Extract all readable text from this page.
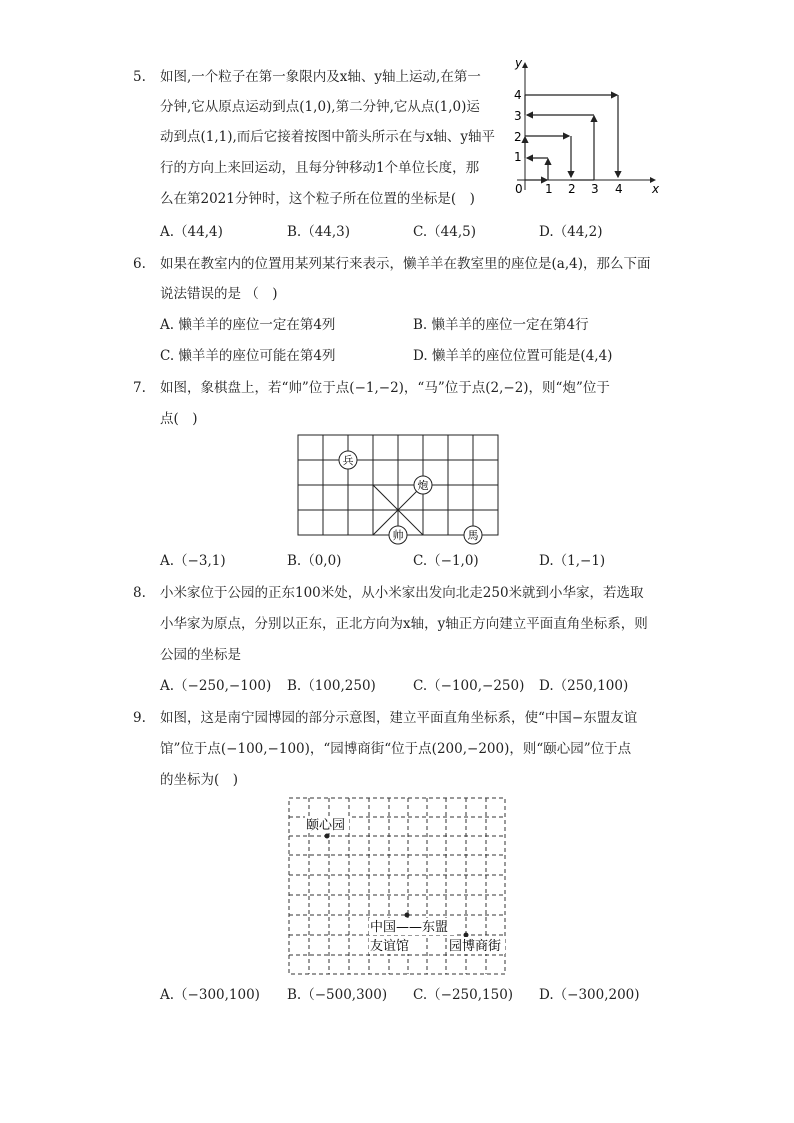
5. 如图,一个粒子在第一象限内及x轴、y轴上运动,在第一
分钟,它从原点运动到点(1,0),第二分钟,它从点(1,0)运
动到点(1,1),而后它接着按图中箭头所示在与x轴、y轴平
行的方向上来回运动，且每分钟移动1个单位长度，那
么在第2021分钟时，这个粒子所在位置的坐标是(　)
y
x
0 1 2 3 4
1
2
3
4
A.（44,4)	B.（44,3)	C.（44,5)	D.（44,2)
6. 如果在教室内的位置用某列某行来表示，懒羊羊在教室里的座位是(a,4)，那么下面
说法错误的是 （　)
A. 懒羊羊的座位一定在第4列	B. 懒羊羊的座位一定在第4行
C. 懒羊羊的座位可能在第4列	D. 懒羊羊的座位位置可能是(4,4)
7. 如图，象棋盘上，若“帅”位于点(−1,−2)，“马”位于点(2,−2)，则“炮”位于
点(　)
兵
炮
帅	馬
A.（−3,1)	B.（0,0)	C.（−1,0)	D.（1,−1)
8. 小米家位于公园的正东100米处，从小米家出发向北走250米就到小华家，若选取
小华家为原点，分别以正东，正北方向为x轴，y轴正方向建立平面直角坐标系，则
公园的坐标是
A.（−250,−100) B.（100,250)	C.（−100,−250) D.（250,100)
9. 如图，这是南宁园博园的部分示意图，建立平面直角坐标系，使“中国−东盟友谊
馆”位于点(−100,−100)，“园博商街“位于点(200,−200)，则“颐心园”位于点
的坐标为(　)
颐心园
中国——东盟
友谊馆	园博商街
A.（−300,100) B.（−500,300) C.（−250,150) D.（−300,200)
